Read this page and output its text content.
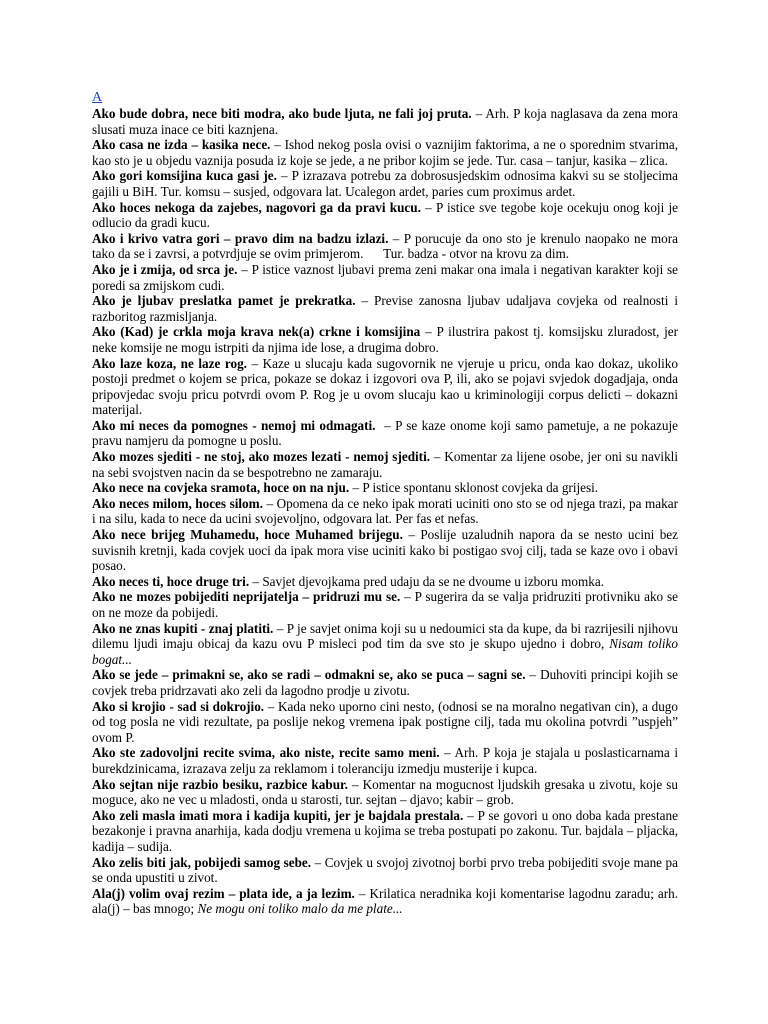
A

Ako bude dobra, nece biti modra, ako bude ljuta, ne fali joj pruta. – Arh. P koja naglasava da zena mora slusati muza inace ce biti kaznjena.

Ako casa ne izda – kasika nece. – Ishod nekog posla ovisi o vaznijim faktorima, a ne o sporednim stvarima, kao sto je u objedu vaznija posuda iz koje se jede, a ne pribor kojim se jede. Tur. casa – tanjur, kasika – zlica.

Ako gori komsijina kuca gasi je. – P izrazava potrebu za dobrosusjedskim odnosima kakvi su se stoljecima gajili u BiH. Tur. komsu – susjed, odgovara lat. Ucalegon ardet, paries cum proximus ardet.

Ako hoces nekoga da zajebes, nagovori ga da pravi kucu. – P istice sve tegobe koje ocekuju onog koji je odlucio da gradi kucu.

Ako i krivo vatra gori – pravo dim na badzu izlazi. – P porucuje da ono sto je krenulo naopako ne mora tako da se i zavrsi, a potvrdjuje se ovim primjerom.      Tur. badza - otvor na krovu za dim.

Ako je i zmija, od srca je. – P istice vaznost ljubavi prema zeni makar ona imala i negativan karakter koji se poredi sa zmijskom cudi.

Ako je ljubav preslatka pamet je prekratka. – Previse zanosna ljubav udaljava covjeka od realnosti i razboritog razmisljanja.

Ako (Kad) je crkla moja krava nek(a) crkne i komsijina – P ilustrira pakost tj. komsijsku zluradost, jer neke komsije ne mogu istrpiti da njima ide lose, a drugima dobro.

Ako laze koza, ne laze rog. – Kaze u slucaju kada sugovornik ne vjeruje u pricu, onda kao dokaz, ukoliko postoji predmet o kojem se prica, pokaze se dokaz i izgovori ova P, ili, ako se pojavi svjedok dogadjaja, onda pripovjedac svoju pricu potvrdi ovom P. Rog je u ovom slucaju kao u kriminologiji corpus delicti – dokazni materijal.

Ako mi neces da pomognes - nemoj mi odmagati.  – P se kaze onome koji samo pametuje, a ne pokazuje pravu namjeru da pomogne u poslu.

Ako mozes sjediti - ne stoj, ako mozes lezati - nemoj sjediti. – Komentar za lijene osobe, jer oni su navikli na sebi svojstven nacin da se bespotrebno ne zamaraju.

Ako nece na covjeka sramota, hoce on na nju. – P istice spontanu sklonost covjeka da grijesi.

Ako neces milom, hoces silom. – Opomena da ce neko ipak morati uciniti ono sto se od njega trazi, pa makar i na silu, kada to nece da ucini svojevoljno, odgovara lat. Per fas et nefas.

Ako nece brijeg Muhamedu, hoce Muhamed brijegu. – Poslije uzaludnih napora da se nesto ucini bez suvisnih kretnji, kada covjek uoci da ipak mora vise uciniti kako bi postigao svoj cilj, tada se kaze ovo i obavi posao.

Ako neces ti, hoce druge tri. – Savjet djevojkama pred udaju da se ne dvoume u izboru momka.

Ako ne mozes pobijediti neprijatelja – pridruzi mu se. – P sugerira da se valja pridruziti protivniku ako se on ne moze da pobijedi.

Ako ne znas kupiti - znaj platiti. – P je savjet onima koji su u nedoumici sta da kupe, da bi razrijesili njihovu dilemu ljudi imaju obicaj da kazu ovu P misleci pod tim da sve sto je skupo ujedno i dobro, Nisam toliko bogat...

Ako se jede – primakni se, ako se radi – odmakni se, ako se puca – sagni se. – Duhoviti principi kojih se covjek treba pridrzavati ako zeli da lagodno prodje u zivotu.

Ako si krojio - sad si dokrojio. – Kada neko uporno cini nesto, (odnosi se na moralno negativan cin), a dugo od tog posla ne vidi rezultate, pa poslije nekog vremena ipak postigne cilj, tada mu okolina potvrdi ”uspjeh” ovom P.

Ako ste zadovoljni recite svima, ako niste, recite samo meni. – Arh. P koja je stajala u poslasticarnama i burekdzinicama, izrazava zelju za reklamom i toleranciju izmedju musterije i kupca.

Ako sejtan nije razbio besiku, razbice kabur. – Komentar na mogucnost ljudskih gresaka u zivotu, koje su moguce, ako ne vec u mladosti, onda u starosti, tur. sejtan – djavo; kabir – grob.

Ako zeli masla imati mora i kadija kupiti, jer je bajdala prestala. – P se govori u ono doba kada prestane bezakonje i pravna anarhija, kada dodju vremena u kojima se treba postupati po zakonu. Tur. bajdala – pljacka, kadija – sudija.

Ako zelis biti jak, pobijedi samog sebe. – Covjek u svojoj zivotnoj borbi prvo treba pobijediti svoje mane pa se onda upustiti u zivot.

Ala(j) volim ovaj rezim – plata ide, a ja lezim. – Krilatica neradnika koji komentarise lagodnu zaradu; arh. ala(j) – bas mnogo; Ne mogu oni toliko malo da me plate...
